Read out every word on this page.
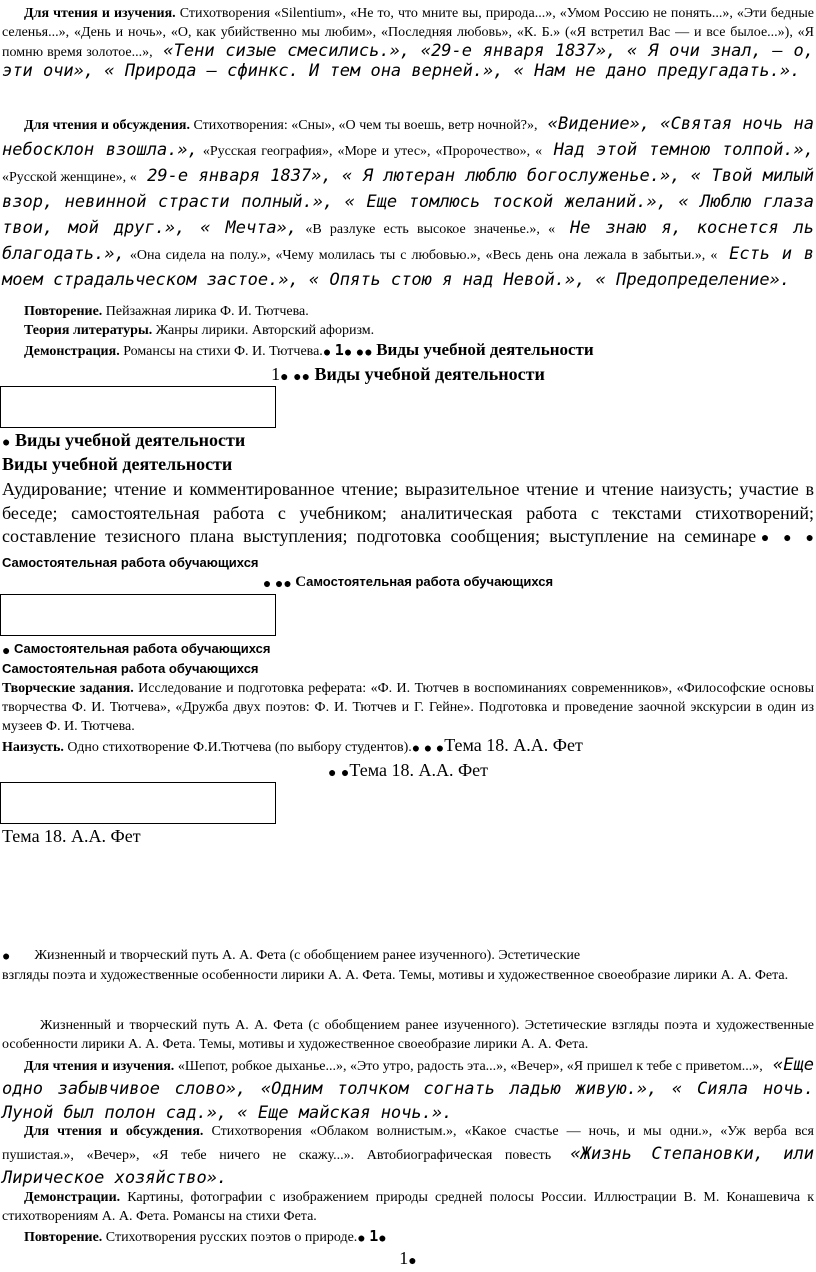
Для чтения и изучения. Стихотворения «Silentium», «Не то, что мните вы, природа...», «Умом Россию не понять...», «Эти бедные селенья...», «День и ночь», «О, как убийственно мы любим», «Последняя любовь», «К. Б.» («Я встретил Вас — и все былое...»), «Я помню время золотое...», «Тени сизые смесились.», «29-е января 1837», « Я очи знал, — о, эти очи», « Природа — сфинкс. И тем она верней.», « Нам не дано предугадать.».
Для чтения и обсуждения. Стихотворения: «Сны», «О чем ты воешь, ветр ночной?», «Видение», «Святая ночь на небосклон взошла.», «Русская география», «Море и утес», «Пророчество», « Над этой темною толпой.», «Русской женщине», « 29-е января 1837», « Я лютеран люблю богослуженье.», « Твой милый взор, невинной страсти полный.», « Еще томлюсь тоской желаний.», « Люблю глаза твои, мой друг.», « Мечта», «В разлуке есть высокое значенье.», « Не знаю я, коснется ль благодать.», «Она сидела на полу.», «Чему молилась ты с любовью.», «Весь день она лежала в забытьи.», « Есть и в моем страдальческом застое.», « Опять стою я над Невой.», « Предопределение».
Повторение. Пейзажная лирика Ф. И. Тютчева.
Теория литературы. Жанры лирики. Авторский афоризм.
Демонстрация. Романсы на стихи Ф. И. Тютчева.● 1● ●● Виды учебной деятельности
1● ●● Виды учебной деятельности
● Виды учебной деятельности
Виды учебной деятельности
Аудирование; чтение и комментированное чтение; выразительное чтение и чтение наизусть; участие в беседе; самостоятельная работа с учебником; аналитическая работа с текстами стихотворений; составление тезисного плана выступления; подготовка сообщения; выступление на семинаре● ● ● Самостоятельная работа обучающихся
● ●● Самостоятельная работа обучающихся
● Самостоятельная работа обучающихся
Самостоятельная работа обучающихся
Творческие задания. Исследование и подготовка реферата: «Ф. И. Тютчев в воспоминаниях современников», «Философские основы творчества Ф. И. Тютчева», «Дружба двух поэтов: Ф. И. Тютчев и Г. Гейне». Подготовка и проведение заочной экскурсии в один из музеев Ф. И. Тютчева.
Наизусть. Одно стихотворение Ф.И.Тютчева (по выбору студентов).● ● ●Тема 18. А.А. Фет
● ●Тема 18. А.А. Фет
Тема 18. А.А. Фет
● Жизненный и творческий путь А. А. Фета (с обобщением ранее изученного). Эстетические
взгляды поэта и художественные особенности лирики А. А. Фета. Темы, мотивы и художественное своеобразие лирики А. А. Фета.
Жизненный и творческий путь А. А. Фета (с обобщением ранее изученного). Эстетические взгляды поэта и художественные особенности лирики А. А. Фета. Темы, мотивы и художественное своеобразие лирики А. А. Фета.
Для чтения и изучения. «Шепот, робкое дыханье...», «Это утро, радость эта...», «Вечер», «Я пришел к тебе с приветом...», «Еще одно забывчивое слово», «Одним толчком согнать ладью живую.», « Сияла ночь. Луной был полон сад.», « Еще майская ночь.».
Для чтения и обсуждения. Стихотворения «Облаком волнистым.», «Какое счастье — ночь, и мы одни.», «Уж верба вся пушистая.», «Вечер», «Я тебе ничего не скажу...». Автобиографическая повесть «Жизнь Степановки, или Лирическое хозяйство».
Демонстрации. Картины, фотографии с изображением природы средней полосы России. Иллюстрации В. М. Конашевича к стихотворениям А. А. Фета. Романсы на стихи Фета.
Повторение. Стихотворения русских поэтов о природе.● 1●
1●
